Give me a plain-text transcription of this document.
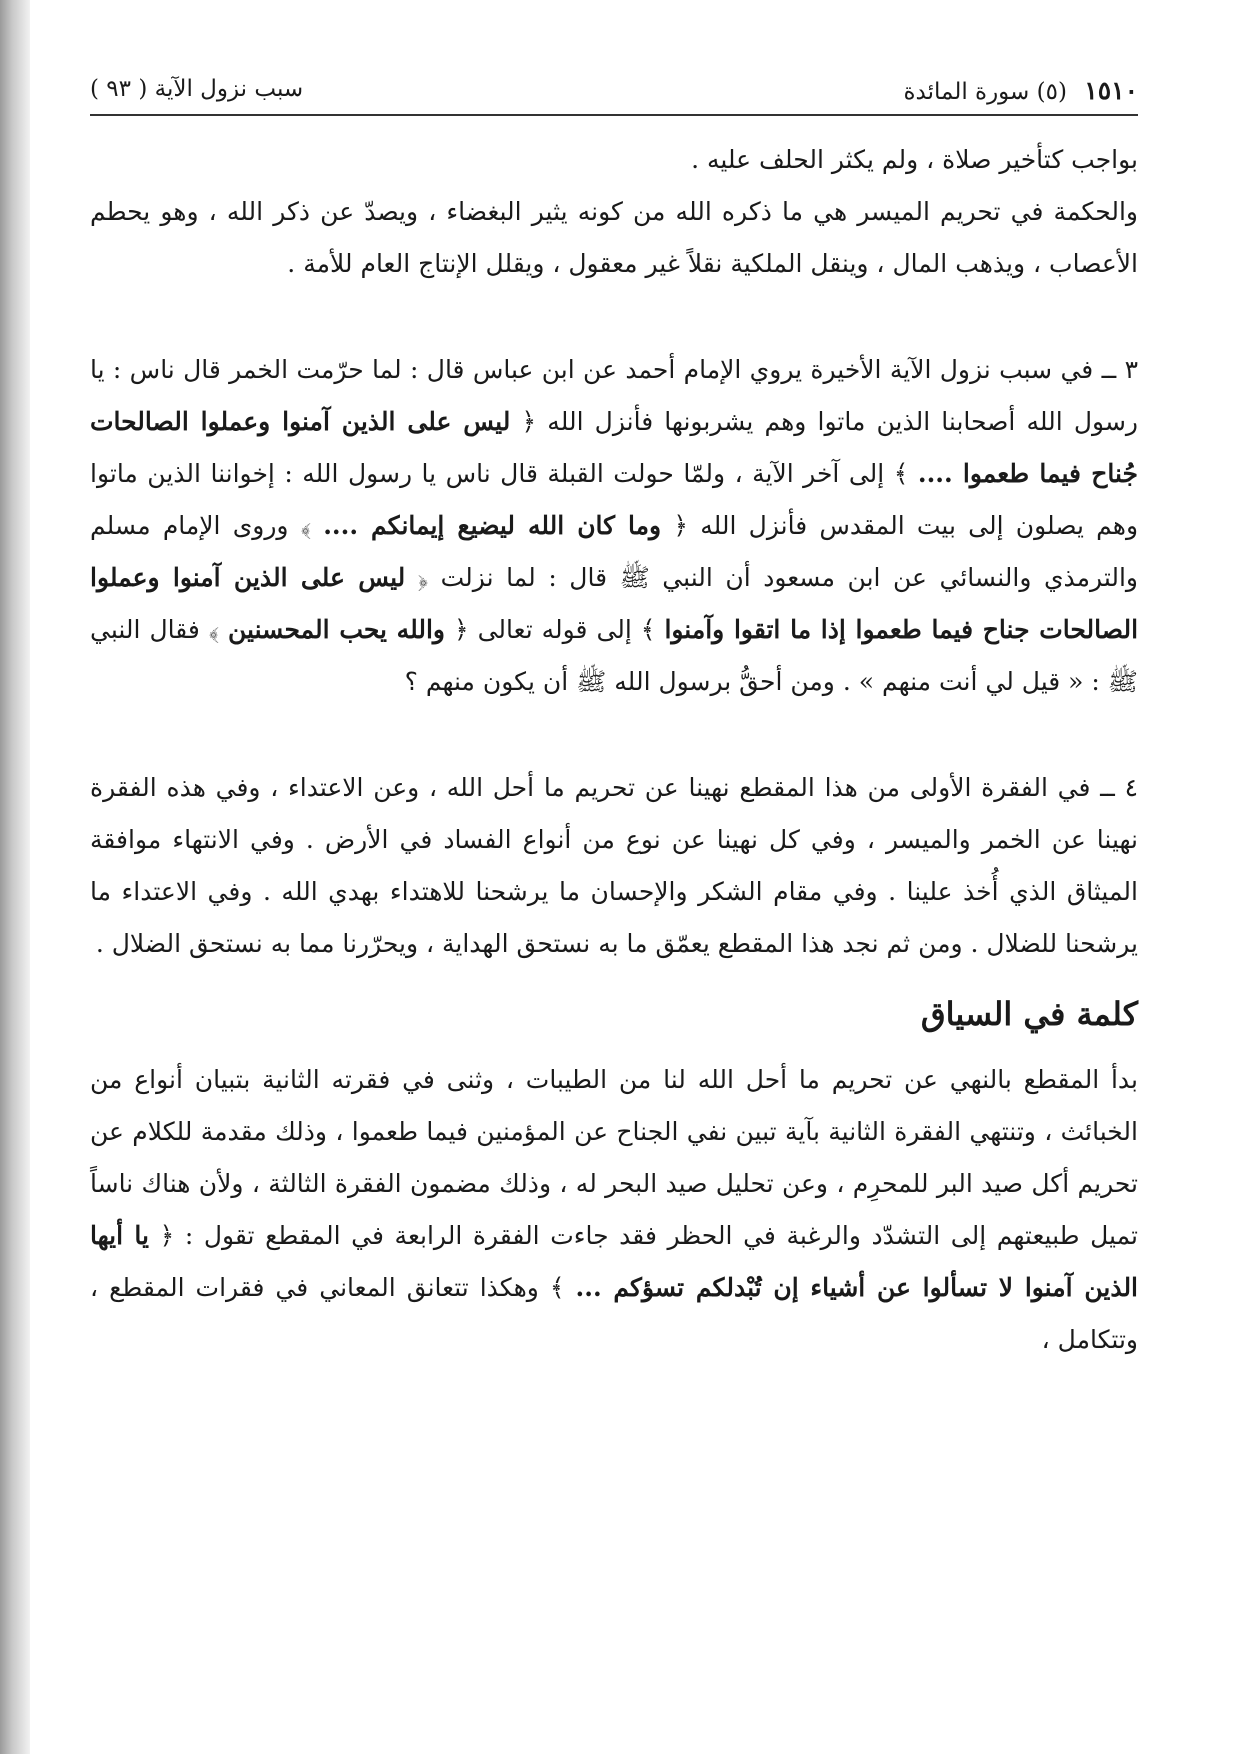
١٥١٠ (٥) سورة المائدة
سبب نزول الآية ( ٩٣ )

بواجب كتأخير صلاة ، ولم يكثر الحلف عليه .

والحكمة في تحريم الميسر هي ما ذكره الله من كونه يثير البغضاء ، ويصدّ عن ذكر الله ، وهو يحطم الأعصاب ، ويذهب المال ، وينقل الملكية نقلاً غير معقول ، ويقلل الإنتاج العام للأمة .

٣ ــ في سبب نزول الآية الأخيرة يروي الإمام أحمد عن ابن عباس قال : لما حرّمت الخمر قال ناس : يا رسول الله أصحابنا الذين ماتوا وهم يشربونها فأنزل الله ﴿ ليس على الذين آمنوا وعملوا الصالحات جُناح فيما طعموا .... ﴾ إلى آخر الآية ، ولمّا حولت القبلة قال ناس يا رسول الله : إخواننا الذين ماتوا وهم يصلون إلى بيت المقدس فأنزل الله ﴿ وما كان الله ليضيع إيمانكم .... ﴾ وروى الإمام مسلم والترمذي والنسائي عن ابن مسعود أن النبي ﷺ قال : لما نزلت ﴿ ليس على الذين آمنوا وعملوا الصالحات جناح فيما طعموا إذا ما اتقوا وآمنوا ﴾ إلى قوله تعالى ﴿ والله يحب المحسنين ﴾ فقال النبي ﷺ : « قيل لي أنت منهم » . ومن أحقُّ برسول الله ﷺ أن يكون منهم ؟

٤ ــ في الفقرة الأولى من هذا المقطع نهينا عن تحريم ما أحل الله ، وعن الاعتداء ، وفي هذه الفقرة نهينا عن الخمر والميسر ، وفي كل نهينا عن نوع من أنواع الفساد في الأرض . وفي الانتهاء موافقة الميثاق الذي أُخذ علينا . وفي مقام الشكر والإحسان ما يرشحنا للاهتداء بهدي الله . وفي الاعتداء ما يرشحنا للضلال . ومن ثم نجد هذا المقطع يعمّق ما به نستحق الهداية ، ويحرّرنا مما به نستحق الضلال .

كلمة في السياق

بدأ المقطع بالنهي عن تحريم ما أحل الله لنا من الطيبات ، وثنى في فقرته الثانية بتبيان أنواع من الخبائث ، وتنتهي الفقرة الثانية بآية تبين نفي الجناح عن المؤمنين فيما طعموا ، وذلك مقدمة للكلام عن تحريم أكل صيد البر للمحرِم ، وعن تحليل صيد البحر له ، وذلك مضمون الفقرة الثالثة ، ولأن هناك ناساً تميل طبيعتهم إلى التشدّد والرغبة في الحظر فقد جاءت الفقرة الرابعة في المقطع تقول : ﴿ يا أيها الذين آمنوا لا تسألوا عن أشياء إن تُبْدلكم تسؤكم ... ﴾ وهكذا تتعانق المعاني في فقرات المقطع ، وتتكامل ،
